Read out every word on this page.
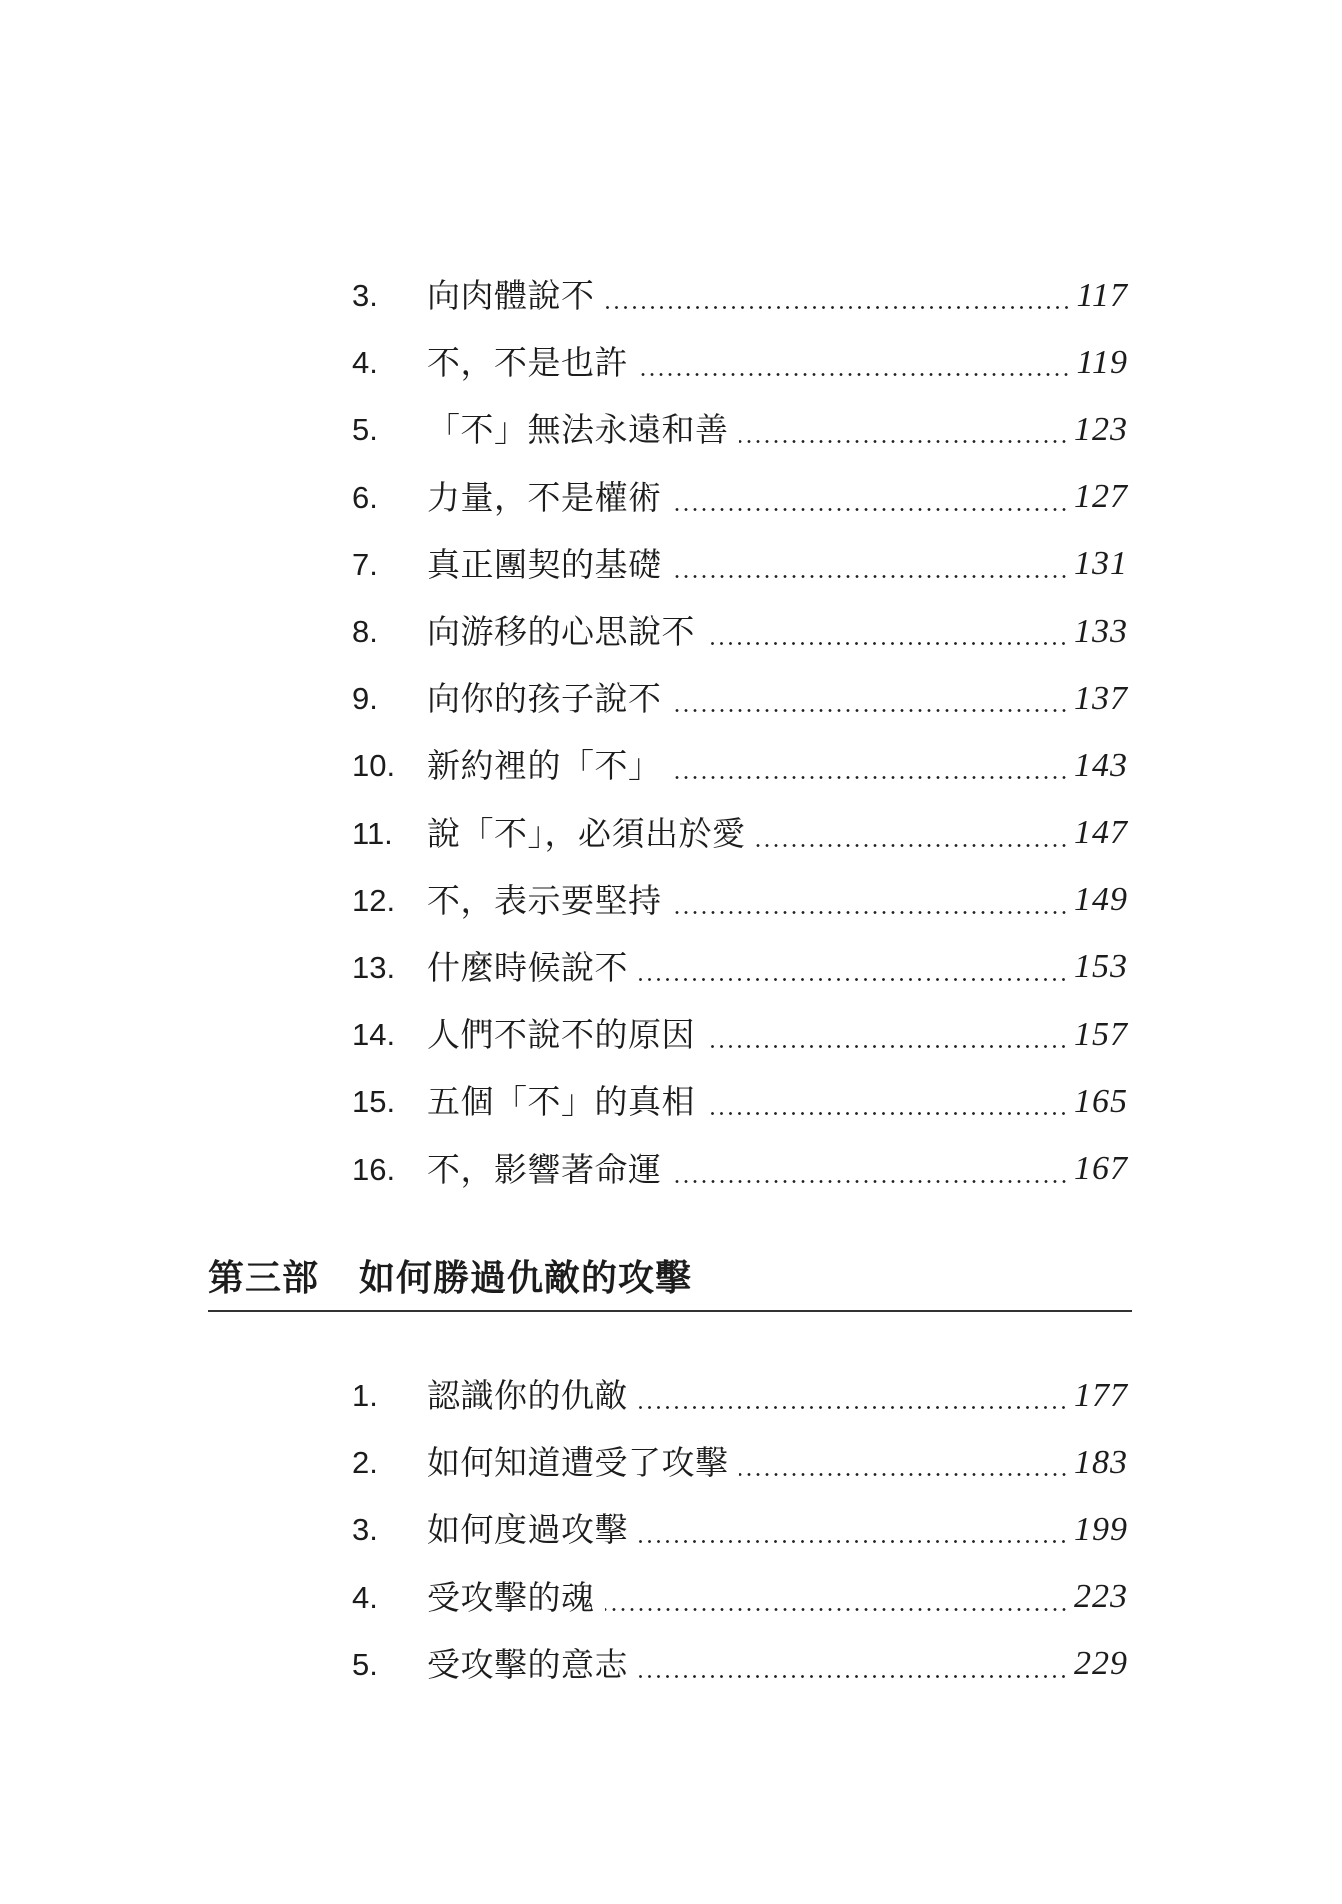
3.	向肉體說不	117
4.	不，不是也許	119
5.	「不」無法永遠和善	123
6.	力量，不是權術	127
7.	真正團契的基礎	131
8.	向游移的心思說不	133
9.	向你的孩子說不	137
10. 新約裡的「不」	143
11.	說「不」，必須出於愛	147
12. 不，表示要堅持	149
13. 什麼時候說不	153
14. 人們不說不的原因	157
15. 五個「不」的真相	165
16. 不，影響著命運	167
第三部 如何勝過仇敵的攻擊
1.	認識你的仇敵	177
2.	如何知道遭受了攻擊	183
3.	如何度過攻擊	199
4.	受攻擊的魂	223
5.	受攻擊的意志	229
